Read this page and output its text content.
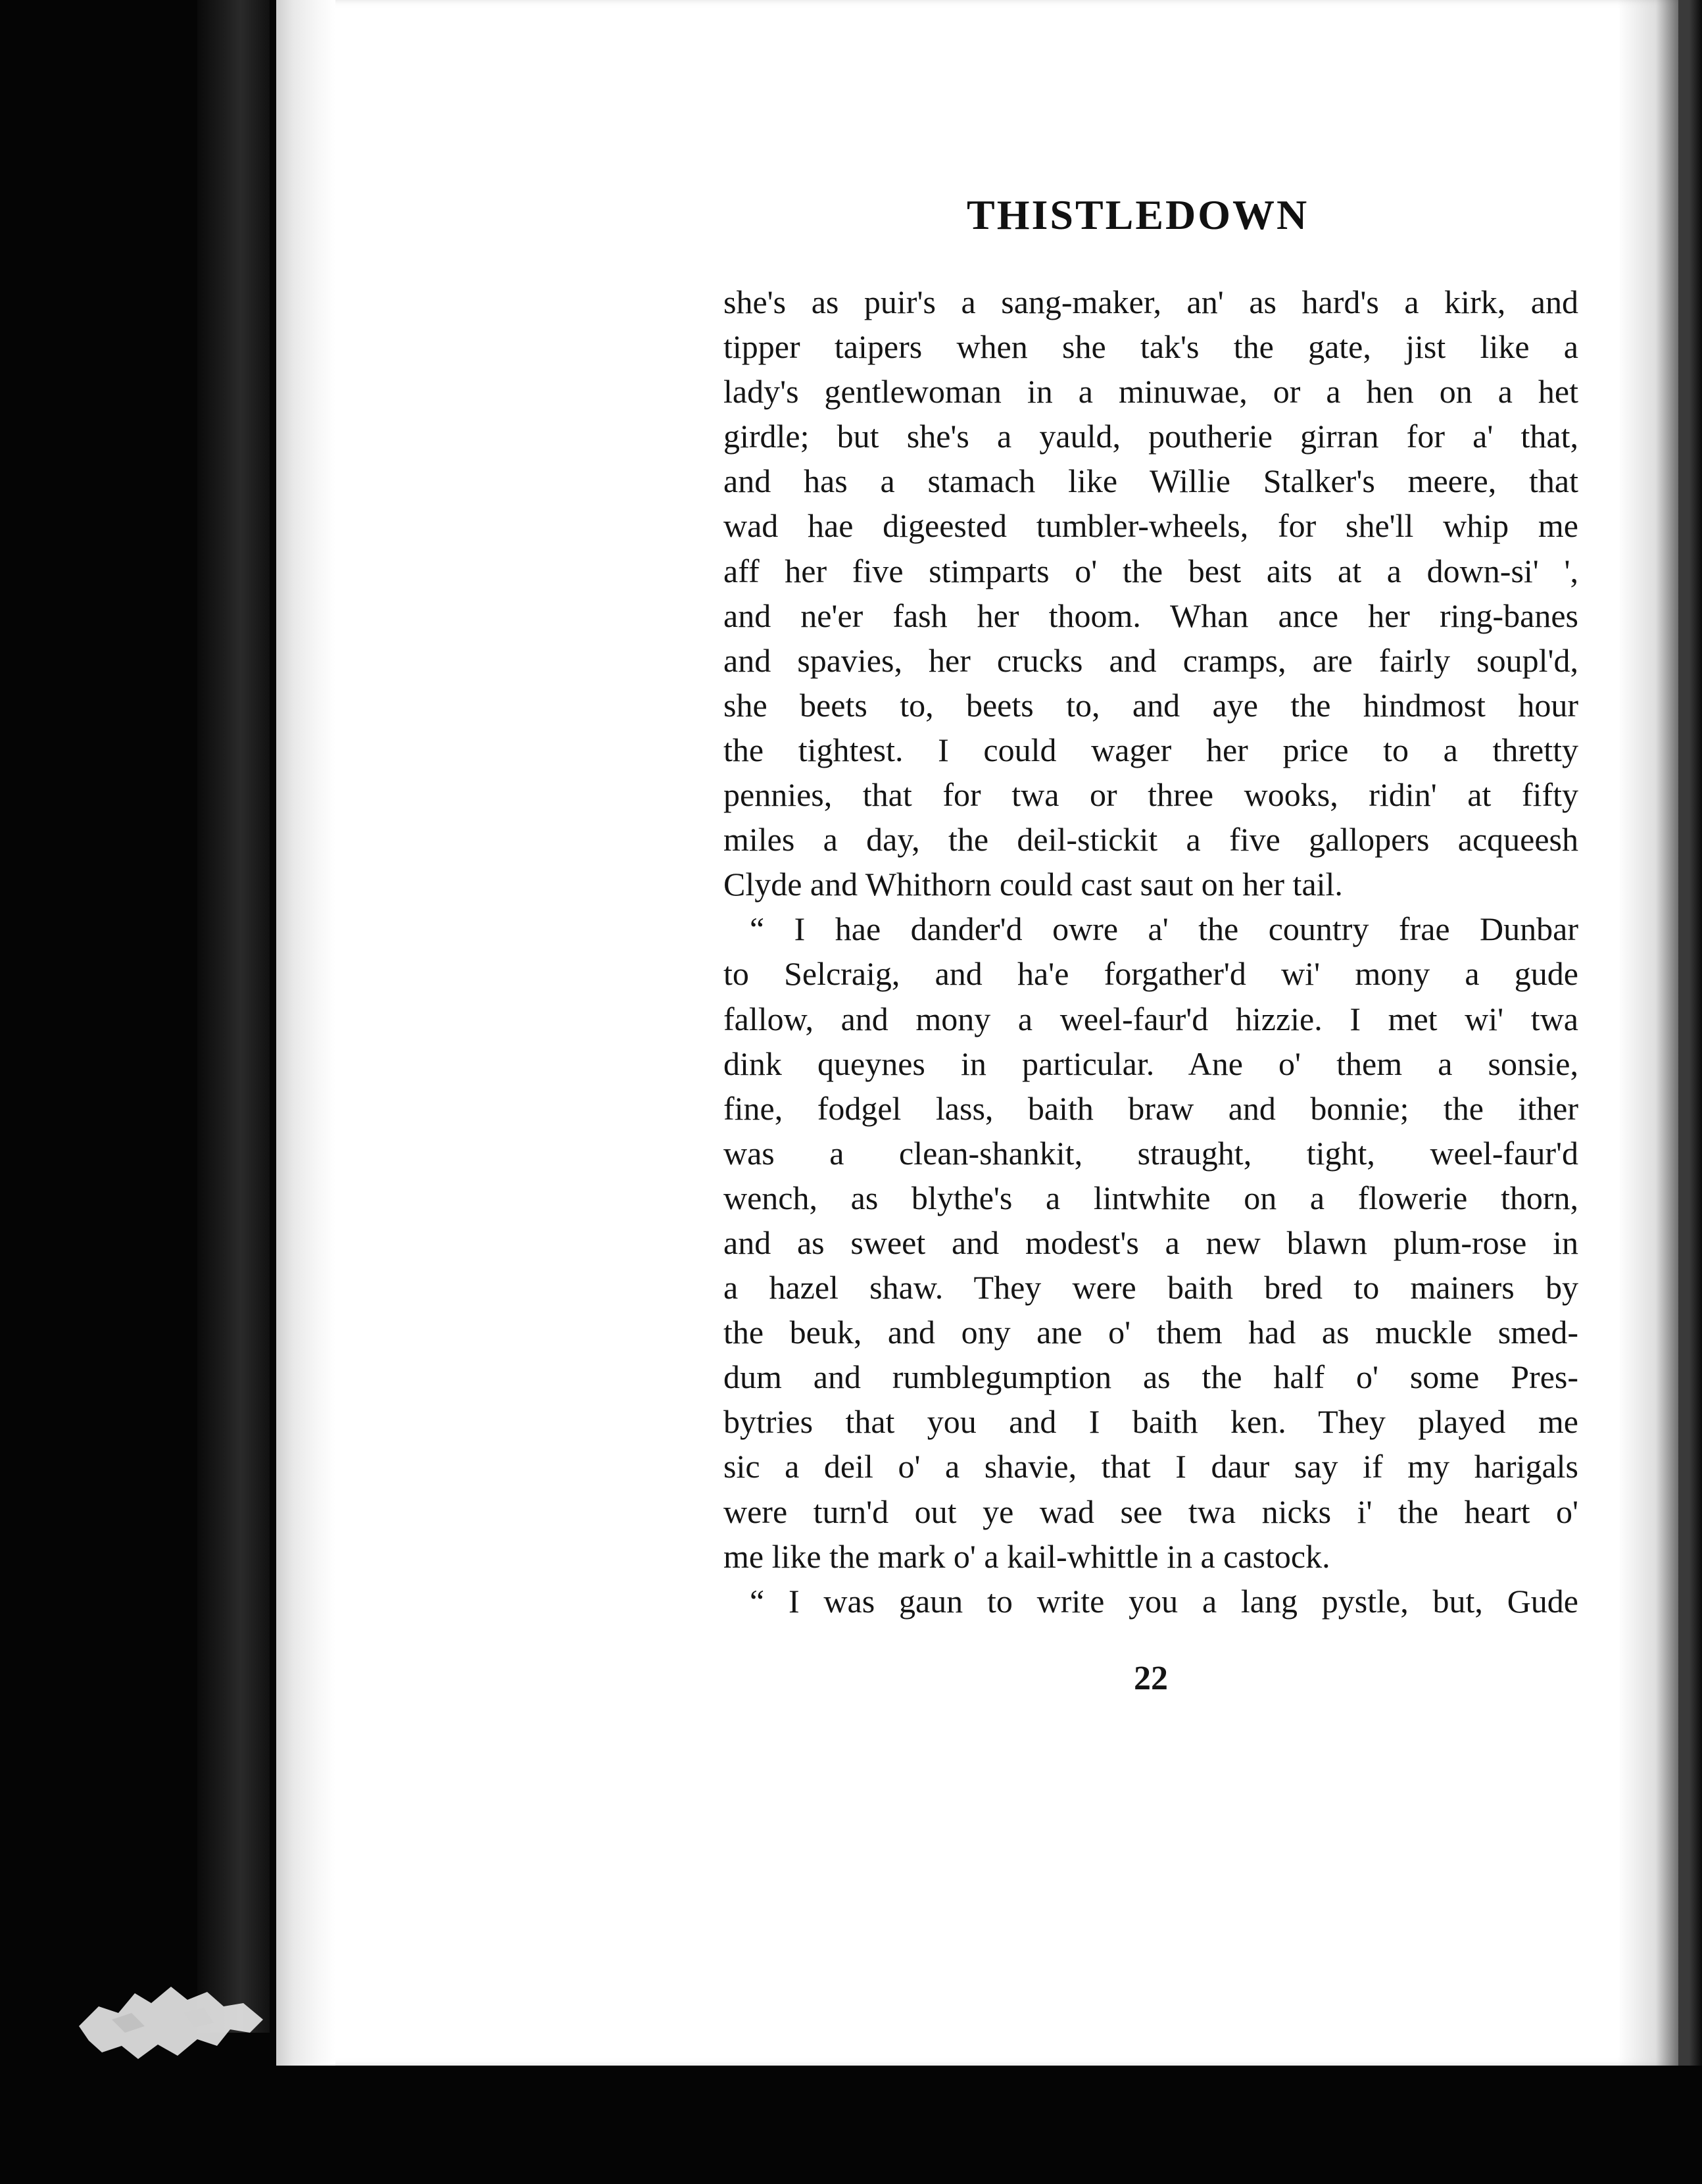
THISTLEDOWN
she's as puir's a sang-maker, an' as hard's a kirk, and
tipper taipers when she tak's the gate, jist like a
lady's gentlewoman in a minuwae, or a hen on a het
girdle; but she's a yauld, poutherie girran for a' that,
and has a stamach like Willie Stalker's meere, that
wad hae digeested tumbler-wheels, for she'll whip me
aff her five stimparts o' the best aits at a down-si' ',
and ne'er fash her thoom. Whan ance her ring-banes
and spavies, her crucks and cramps, are fairly soupl'd,
she beets to, beets to, and aye the hindmost hour
the tightest. I could wager her price to a thretty
pennies, that for twa or three wooks, ridin' at fifty
miles a day, the deil-stickit a five gallopers acqueesh
Clyde and Whithorn could cast saut on her tail.
“ I hae dander'd owre a' the country frae Dunbar
to Selcraig, and ha'e forgather'd wi' mony a gude
fallow, and mony a weel-faur'd hizzie. I met wi' twa
dink queynes in particular. Ane o' them a sonsie,
fine, fodgel lass, baith braw and bonnie; the ither
was a clean-shankit, straught, tight, weel-faur'd
wench, as blythe's a lintwhite on a flowerie thorn,
and as sweet and modest's a new blawn plum-rose in
a hazel shaw. They were baith bred to mainers by
the beuk, and ony ane o' them had as muckle smed-
dum and rumblegumption as the half o' some Pres-
bytries that you and I baith ken. They played me
sic a deil o' a shavie, that I daur say if my harigals
were turn'd out ye wad see twa nicks i' the heart o'
me like the mark o' a kail-whittle in a castock.
“ I was gaun to write you a lang pystle, but, Gude
22
